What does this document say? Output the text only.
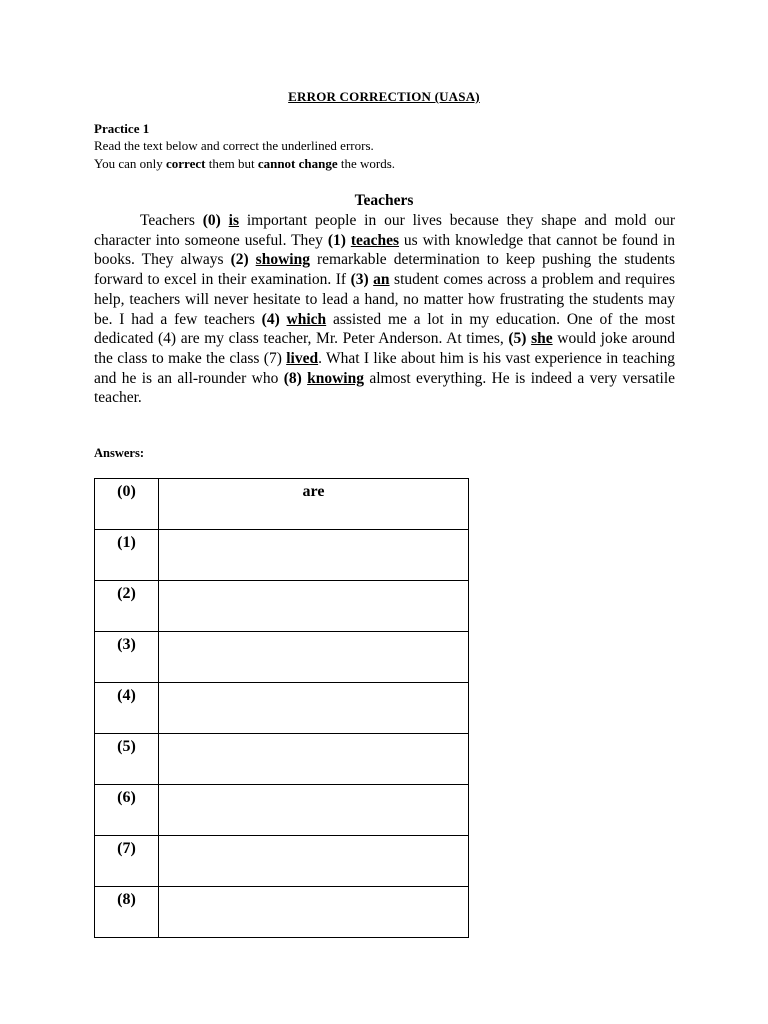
ERROR CORRECTION (UASA)
Practice 1
Read the text below and correct the underlined errors.
You can only correct them but cannot change the words.
Teachers

Teachers (0) is important people in our lives because they shape and mold our character into someone useful. They (1) teaches us with knowledge that cannot be found in books. They always (2) showing remarkable determination to keep pushing the students forward to excel in their examination. If (3) an student comes across a problem and requires help, teachers will never hesitate to lead a hand, no matter how frustrating the students may be. I had a few teachers (4) which assisted me a lot in my education. One of the most dedicated (4) are my class teacher, Mr. Peter Anderson. At times, (5) she would joke around the class to make the class (7) lived. What I like about him is his vast experience in teaching and he is an all-rounder who (8) knowing almost everything. He is indeed a very versatile teacher.

Answers:
(0)	are
(1)	
(2)	
(3)	
(4)	
(5)	
(6)	
(7)	
(8)	
